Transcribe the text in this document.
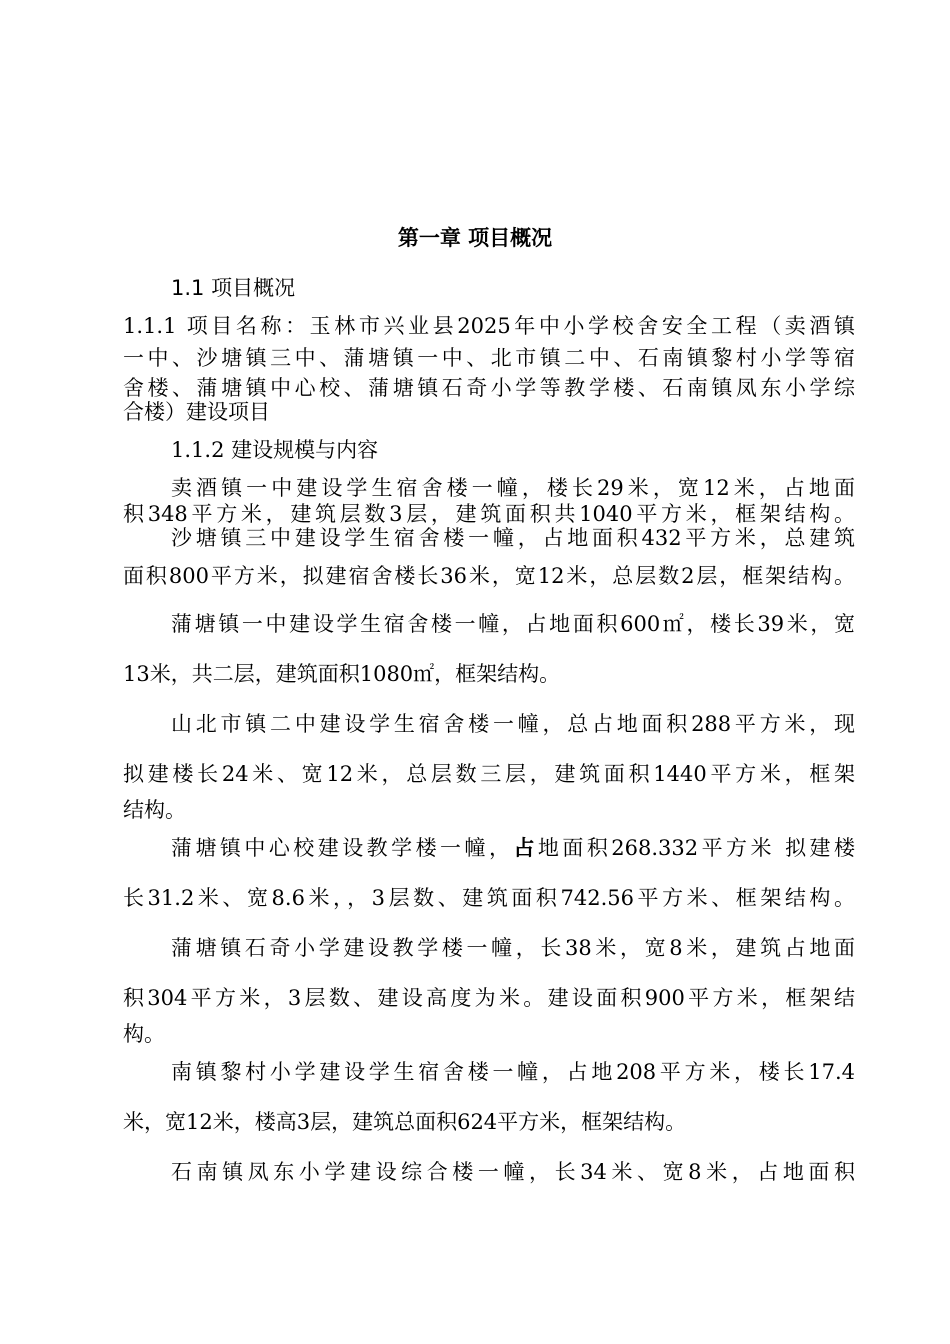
第一章 项目概况
1.1 项目概况
1.1.1 项目名称：玉林市兴业县2025年中小学校舍安全工程（卖酒镇
一中、沙塘镇三中、蒲塘镇一中、北市镇二中、石南镇黎村小学等宿
舍楼、蒲塘镇中心校、蒲塘镇石奇小学等教学楼、石南镇凤东小学综
合楼）建设项目
1.1.2 建设规模与内容
卖酒镇一中建设学生宿舍楼一幢，楼长29米，宽12米，占地面
积348平方米，建筑层数3层，建筑面积共1040平方米，框架结构。
沙塘镇三中建设学生宿舍楼一幢，占地面积432平方米，总建筑
面积800平方米，拟建宿舍楼长36米，宽12米，总层数2层，框架结构。
蒲塘镇一中建设学生宿舍楼一幢，占地面积600㎡，楼长39米，宽
13米，共二层，建筑面积1080㎡，框架结构。
山北市镇二中建设学生宿舍楼一幢，总占地面积288平方米，现
拟建楼长24米、宽12米，总层数三层，建筑面积1440平方米，框架
结构。
蒲塘镇中心校建设教学楼一幢，占地面积268.332平方米 拟建楼
长31.2米、宽8.6米，，3层数、建筑面积742.56平方米、框架结构。
蒲塘镇石奇小学建设教学楼一幢，长38米，宽8米，建筑占地面
积304平方米，3层数、建设高度为米。建设面积900平方米，框架结
构。
南镇黎村小学建设学生宿舍楼一幢，占地208平方米，楼长17.4
米，宽12米，楼高3层，建筑总面积624平方米，框架结构。
石南镇凤东小学建设综合楼一幢，长34米、宽8米，占地面积
